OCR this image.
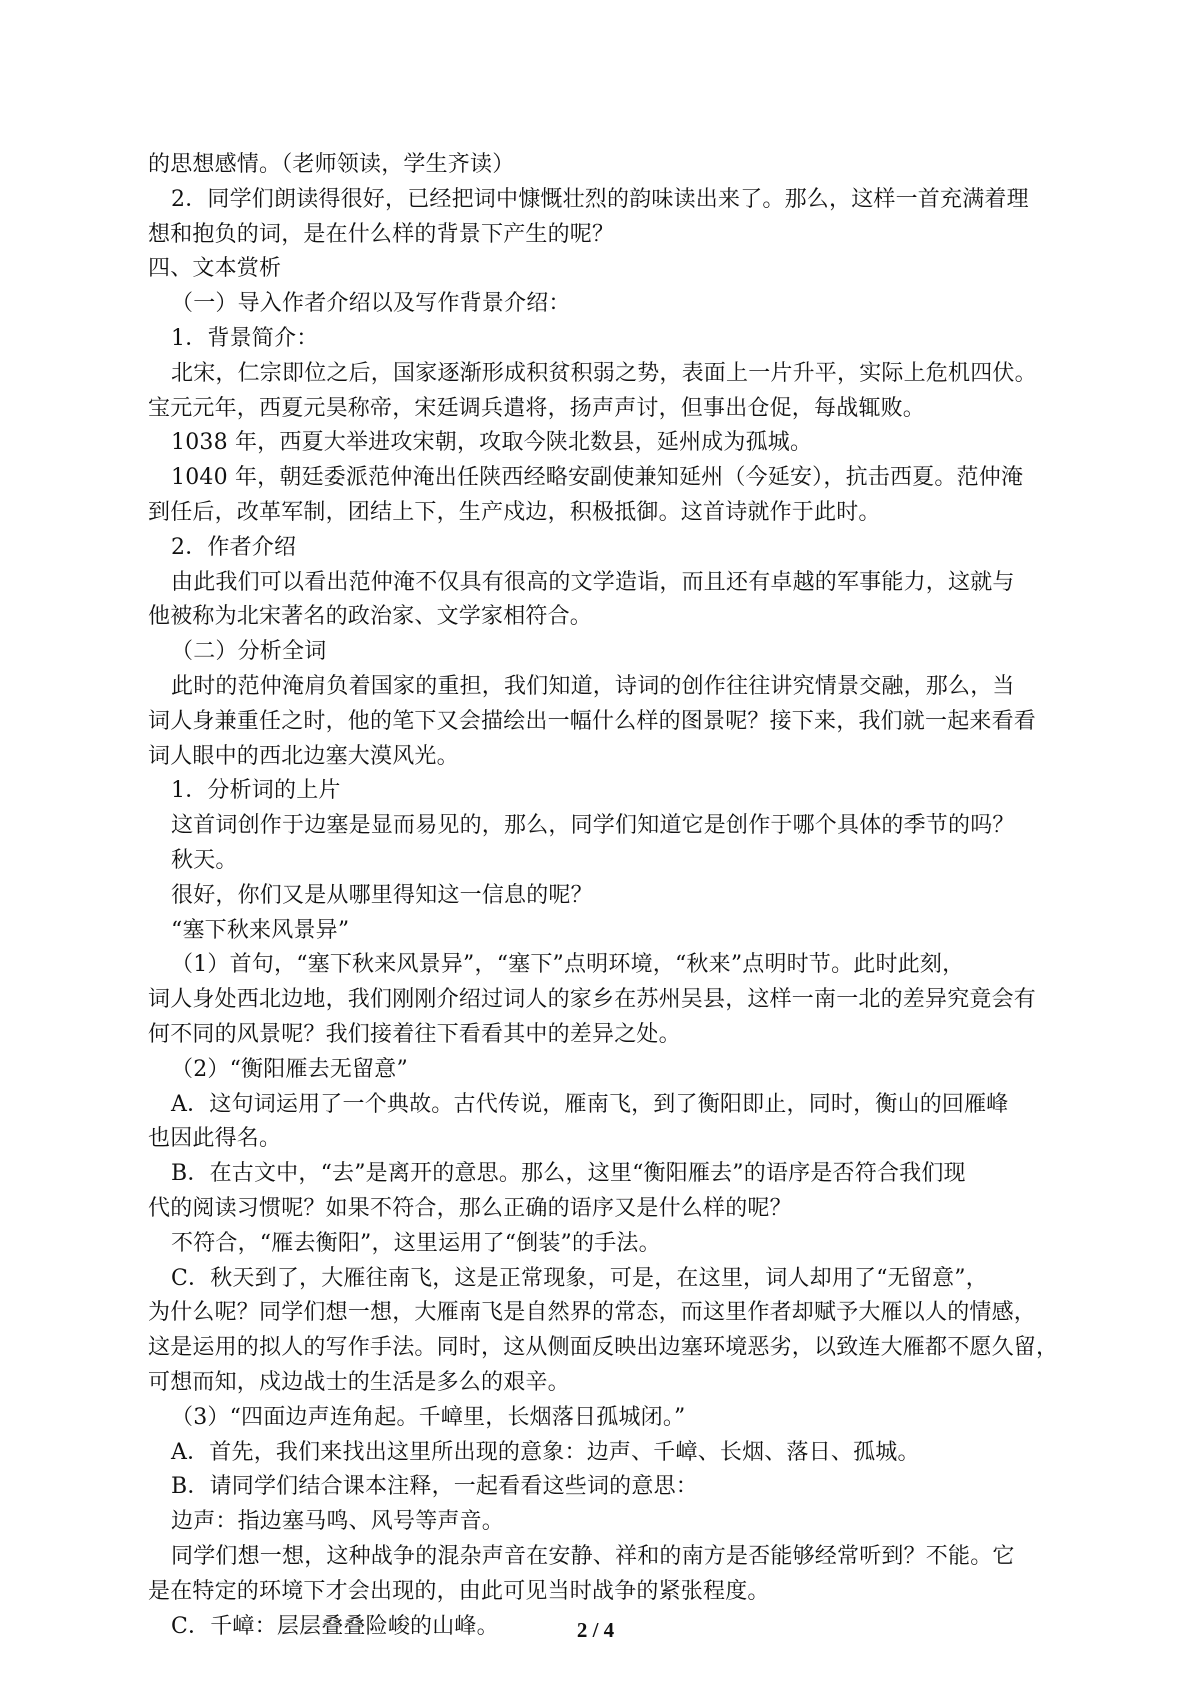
的思想感情。（老师领读，学生齐读）
2．同学们朗读得很好，已经把词中慷慨壮烈的韵味读出来了。那么，这样一首充满着理
想和抱负的词，是在什么样的背景下产生的呢？
四、文本赏析
（一）导入作者介绍以及写作背景介绍：
1．背景简介：
北宋，仁宗即位之后，国家逐渐形成积贫积弱之势，表面上一片升平，实际上危机四伏。
宝元元年，西夏元昊称帝，宋廷调兵遣将，扬声声讨，但事出仓促，每战辄败。
1038 年，西夏大举进攻宋朝，攻取今陕北数县，延州成为孤城。
1040 年，朝廷委派范仲淹出任陕西经略安副使兼知延州（今延安），抗击西夏。范仲淹
到任后，改革军制，团结上下，生产戍边，积极抵御。这首诗就作于此时。
2．作者介绍
由此我们可以看出范仲淹不仅具有很高的文学造诣，而且还有卓越的军事能力，这就与
他被称为北宋著名的政治家、文学家相符合。
（二）分析全词
此时的范仲淹肩负着国家的重担，我们知道，诗词的创作往往讲究情景交融，那么，当
词人身兼重任之时，他的笔下又会描绘出一幅什么样的图景呢？接下来，我们就一起来看看
词人眼中的西北边塞大漠风光。
1．分析词的上片
这首词创作于边塞是显而易见的，那么，同学们知道它是创作于哪个具体的季节的吗？
秋天。
很好，你们又是从哪里得知这一信息的呢？
“塞下秋来风景异”
（1）首句，“塞下秋来风景异”，“塞下”点明环境，“秋来”点明时节。此时此刻，
词人身处西北边地，我们刚刚介绍过词人的家乡在苏州吴县，这样一南一北的差异究竟会有
何不同的风景呢？我们接着往下看看其中的差异之处。
（2）“衡阳雁去无留意”
A．这句词运用了一个典故。古代传说，雁南飞，到了衡阳即止，同时，衡山的回雁峰
也因此得名。
B．在古文中，“去”是离开的意思。那么，这里“衡阳雁去”的语序是否符合我们现
代的阅读习惯呢？如果不符合，那么正确的语序又是什么样的呢？
不符合，“雁去衡阳”，这里运用了“倒装”的手法。
C．秋天到了，大雁往南飞，这是正常现象，可是，在这里，词人却用了“无留意”，
为什么呢？同学们想一想，大雁南飞是自然界的常态，而这里作者却赋予大雁以人的情感，
这是运用的拟人的写作手法。同时，这从侧面反映出边塞环境恶劣，以致连大雁都不愿久留，
可想而知，戍边战士的生活是多么的艰辛。
（3）“四面边声连角起。千嶂里，长烟落日孤城闭。”
A．首先，我们来找出这里所出现的意象：边声、千嶂、长烟、落日、孤城。
B．请同学们结合课本注释，一起看看这些词的意思：
边声：指边塞马鸣、风号等声音。
同学们想一想，这种战争的混杂声音在安静、祥和的南方是否能够经常听到？不能。它
是在特定的环境下才会出现的，由此可见当时战争的紧张程度。
C．千嶂：层层叠叠险峻的山峰。	2 / 4
